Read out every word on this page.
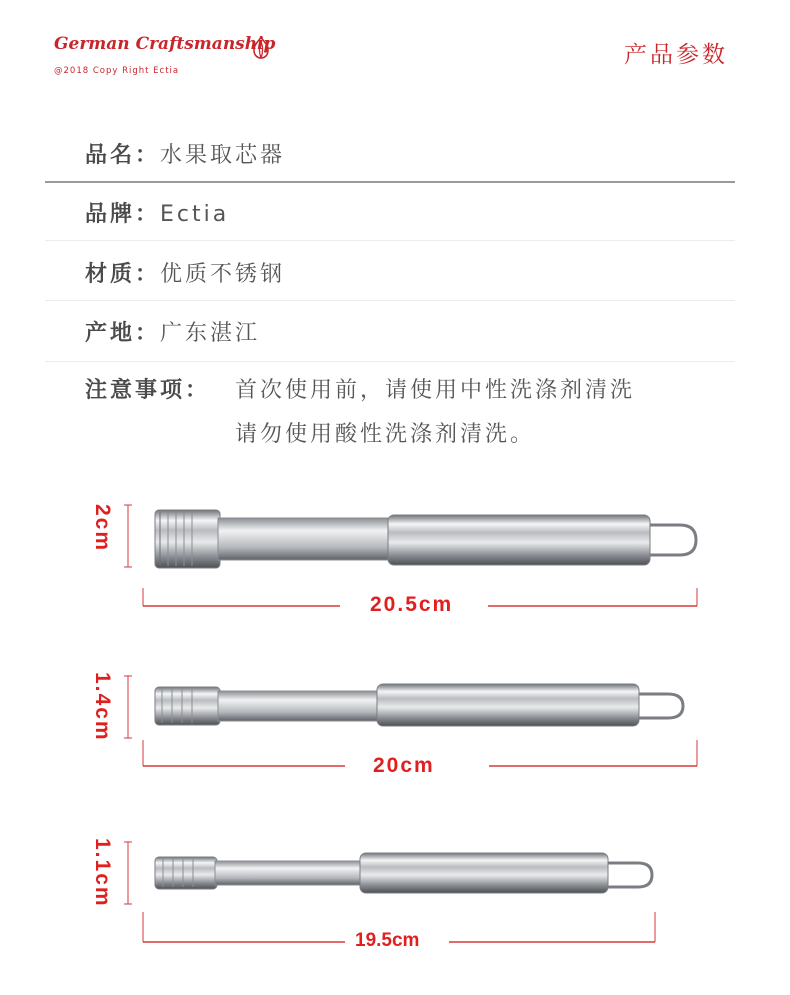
German Craftsmanship
@2018 Copy Right Ectia
产品参数
品名：水果取芯器
品牌：Ectia
材质：优质不锈钢
产地：广东湛江
注意事项： 首次使用前，请使用中性洗涤剂清洗
请勿使用酸性洗涤剂清洗。
2cm
20.5cm
1.4cm
20cm
1.1cm
19.5cm
